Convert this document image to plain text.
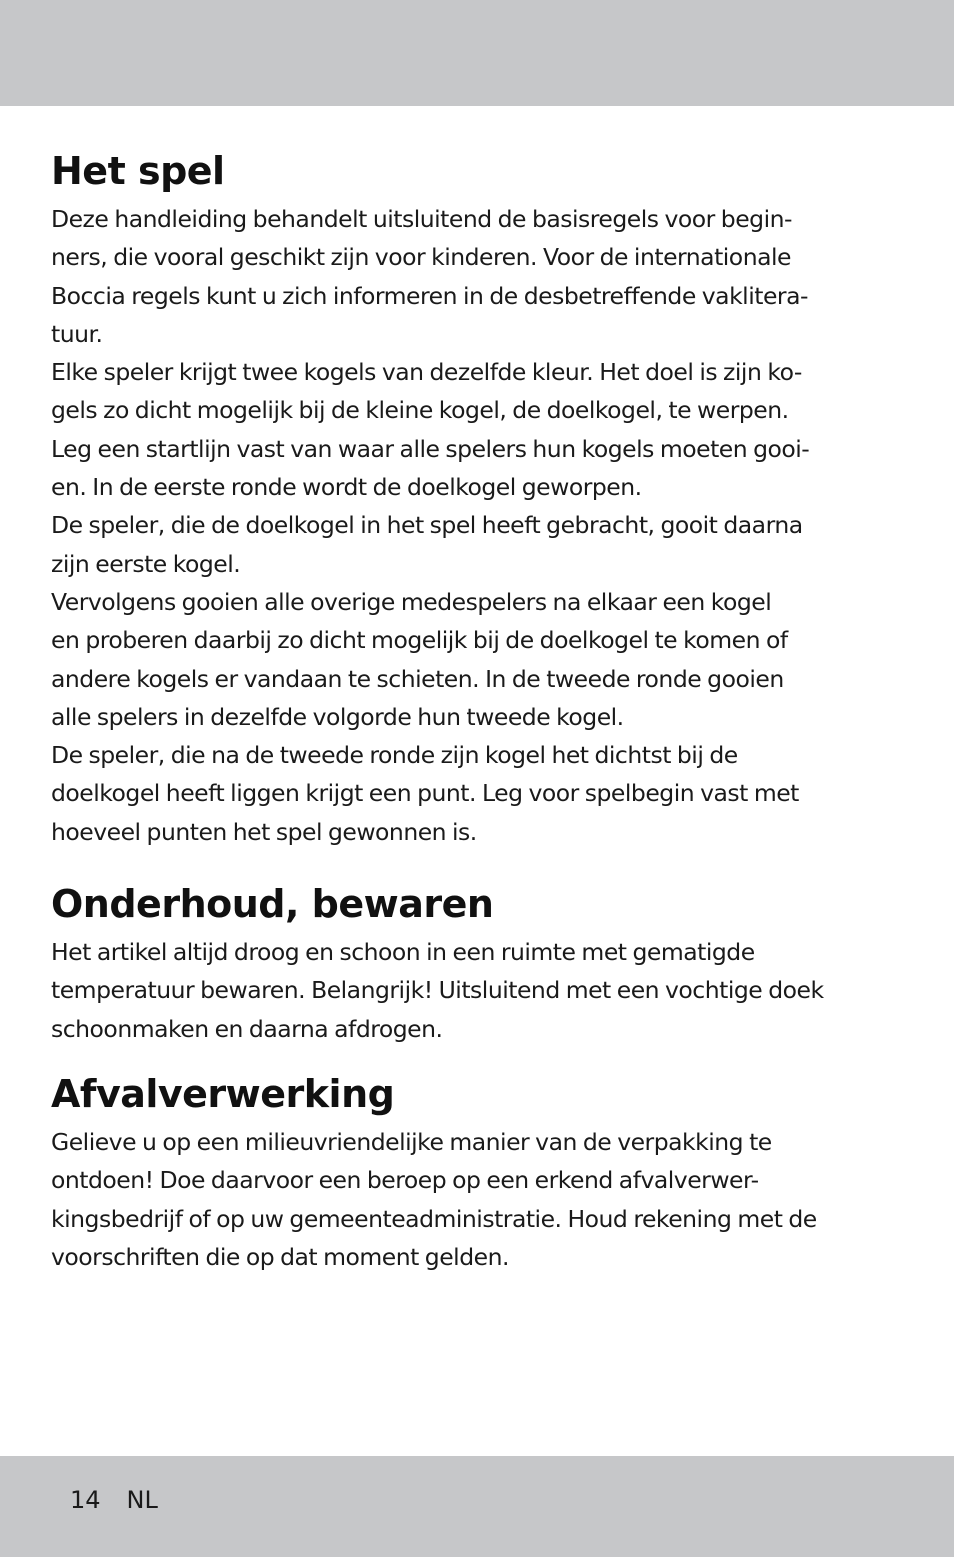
Het spel

Deze handleiding behandelt uitsluitend de basisregels voor begin-
ners, die vooral geschikt zijn voor kinderen. Voor de internationale
Boccia regels kunt u zich informeren in de desbetreffende vaklitera-
tuur.
Elke speler krijgt twee kogels van dezelfde kleur. Het doel is zijn ko-
gels zo dicht mogelijk bij de kleine kogel, de doelkogel, te werpen.
Leg een startlijn vast van waar alle spelers hun kogels moeten gooi-
en. In de eerste ronde wordt de doelkogel geworpen.
De speler, die de doelkogel in het spel heeft gebracht, gooit daarna
zijn eerste kogel.
Vervolgens gooien alle overige medespelers na elkaar een kogel
en proberen daarbij zo dicht mogelijk bij de doelkogel te komen of
andere kogels er vandaan te schieten. In de tweede ronde gooien
alle spelers in dezelfde volgorde hun tweede kogel.
De speler, die na de tweede ronde zijn kogel het dichtst bij de
doelkogel heeft liggen krijgt een punt. Leg voor spelbegin vast met
hoeveel punten het spel gewonnen is.

Onderhoud, bewaren

Het artikel altijd droog en schoon in een ruimte met gematigde
temperatuur bewaren. Belangrijk! Uitsluitend met een vochtige doek
schoonmaken en daarna afdrogen.

Afvalverwerking

Gelieve u op een milieuvriendelijke manier van de verpakking te
ontdoen! Doe daarvoor een beroep op een erkend afvalverwer-
kingsbedrijf of op uw gemeenteadministratie. Houd rekening met de
voorschriften die op dat moment gelden.

14 NL
